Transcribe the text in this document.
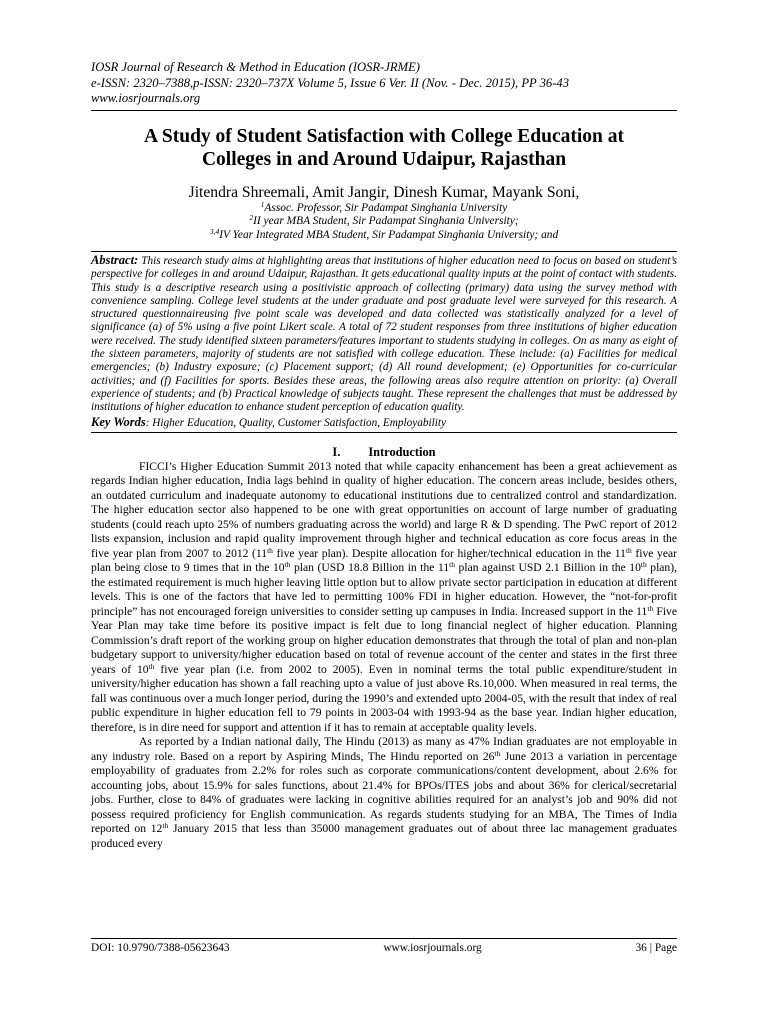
IOSR Journal of Research & Method in Education (IOSR-JRME)
e-ISSN: 2320–7388,p-ISSN: 2320–737X Volume 5, Issue 6 Ver. II (Nov. - Dec. 2015), PP 36-43
www.iosrjournals.org
A Study of Student Satisfaction with College Education at
Colleges in and Around Udaipur, Rajasthan
Jitendra Shreemali, Amit Jangir, Dinesh Kumar, Mayank Soni,
$^1$Assoc. Professor, Sir Padampat Singhania University
$^2$II year MBA Student, Sir Padampat Singhania University;
$^{3,4}$IV Year Integrated MBA Student, Sir Padampat Singhania University; and
Abstract: This research study aims at highlighting areas that institutions of higher education need to focus on based on student’s perspective for colleges in and around Udaipur, Rajasthan. It gets educational quality inputs at the point of contact with students. This study is a descriptive research using a positivistic approach of collecting (primary) data using the survey method with convenience sampling. College level students at the under graduate and post graduate level were surveyed for this research. A structured questionnaireusing five point scale was developed and data collected was statistically analyzed for a level of significance (a) of 5% using a five point Likert scale. A total of 72 student responses from three institutions of higher education were received. The study identified sixteen parameters/features important to students studying in colleges. On as many as eight of the sixteen parameters, majority of students are not satisfied with college education. These include: (a) Facilities for medical emergencies; (b) Industry exposure; (c) Placement support; (d) All round development; (e) Opportunities for co-curricular activities; and (f) Facilities for sports. Besides these areas, the following areas also require attention on priority: (a) Overall experience of students; and (b) Practical knowledge of subjects taught. These represent the challenges that must be addressed by institutions of higher education to enhance student perception of education quality.
Key Words: Higher Education, Quality, Customer Satisfaction, Employability
I. Introduction

FICCI’s Higher Education Summit 2013 noted that while capacity enhancement has been a great achievement as regards Indian higher education, India lags behind in quality of higher education. The concern areas include, besides others, an outdated curriculum and inadequate autonomy to educational institutions due to centralized control and standardization. The higher education sector also happened to be one with great opportunities on account of large number of graduating students (could reach upto 25% of numbers graduating across the world) and large R & D spending. The PwC report of 2012 lists expansion, inclusion and rapid quality improvement through higher and technical education as core focus areas in the five year plan from 2007 to 2012 (11th five year plan). Despite allocation for higher/technical education in the 11th five year plan being close to 9 times that in the 10th plan (USD 18.8 Billion in the 11th plan against USD 2.1 Billion in the 10th plan), the estimated requirement is much higher leaving little option but to allow private sector participation in education at different levels. This is one of the factors that have led to permitting 100% FDI in higher education. However, the “not-for-profit principle” has not encouraged foreign universities to consider setting up campuses in India. Increased support in the 11th Five Year Plan may take time before its positive impact is felt due to long financial neglect of higher education. Planning Commission’s draft report of the working group on higher education demonstrates that through the total of plan and non-plan budgetary support to university/higher education based on total of revenue account of the center and states in the first three years of 10th five year plan (i.e. from 2002 to 2005). Even in nominal terms the total public expenditure/student in university/higher education has shown a fall reaching upto a value of just above Rs.10,000. When measured in real terms, the fall was continuous over a much longer period, during the 1990’s and extended upto 2004-05, with the result that index of real public expenditure in higher education fell to 79 points in 2003-04 with 1993-94 as the base year. Indian higher education, therefore, is in dire need for support and attention if it has to remain at acceptable quality levels.

As reported by a Indian national daily, The Hindu (2013) as many as 47% Indian graduates are not employable in any industry role. Based on a report by Aspiring Minds, The Hindu reported on 26th June 2013 a variation in percentage employability of graduates from 2.2% for roles such as corporate communications/content development, about 2.6% for accounting jobs, about 15.9% for sales functions, about 21.4% for BPOs/ITES jobs and about 36% for clerical/secretarial jobs. Further, close to 84% of graduates were lacking in cognitive abilities required for an analyst’s job and 90% did not possess required proficiency for English communication. As regards students studying for an MBA, The Times of India reported on 12th January 2015 that less than 35000 management graduates out of about three lac management graduates produced every

DOI: 10.9790/7388-05623643	www.iosrjournals.org	36 | Page
